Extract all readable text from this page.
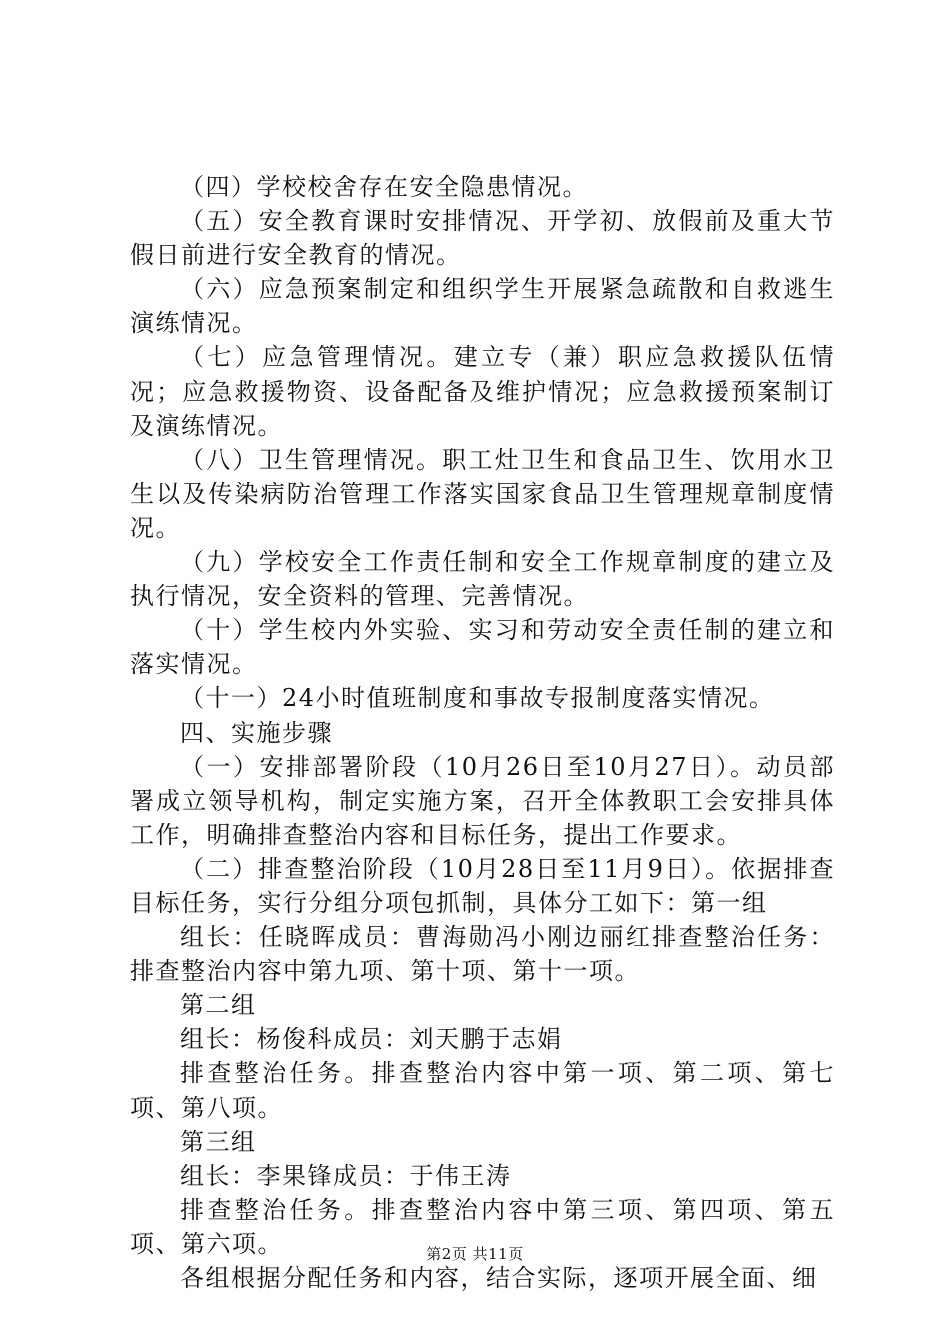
（四）学校校舍存在安全隐患情况。

（五）安全教育课时安排情况、开学初、放假前及重大节假日前进行安全教育的情况。

（六）应急预案制定和组织学生开展紧急疏散和自救逃生演练情况。

（七）应急管理情况。建立专（兼）职应急救援队伍情况；应急救援物资、设备配备及维护情况；应急救援预案制订及演练情况。

（八）卫生管理情况。职工灶卫生和食品卫生、饮用水卫生以及传染病防治管理工作落实国家食品卫生管理规章制度情况。

（九）学校安全工作责任制和安全工作规章制度的建立及执行情况，安全资料的管理、完善情况。

（十）学生校内外实验、实习和劳动安全责任制的建立和落实情况。

（十一）24小时值班制度和事故专报制度落实情况。

四、实施步骤

（一）安排部署阶段（10月26日至10月27日）。动员部署成立领导机构，制定实施方案，召开全体教职工会安排具体工作，明确排查整治内容和目标任务，提出工作要求。

（二）排查整治阶段（10月28日至11月9日）。依据排查目标任务，实行分组分项包抓制，具体分工如下：第一组

组长：任晓晖成员：曹海勋冯小刚边丽红排查整治任务：排查整治内容中第九项、第十项、第十一项。

第二组

组长：杨俊科成员：刘天鹏于志娟

排查整治任务。排查整治内容中第一项、第二项、第七项、第八项。

第三组

组长：李果锋成员：于伟王涛

排查整治任务。排查整治内容中第三项、第四项、第五项、第六项。

各组根据分配任务和内容，结合实际，逐项开展全面、细

第2页 共11页
